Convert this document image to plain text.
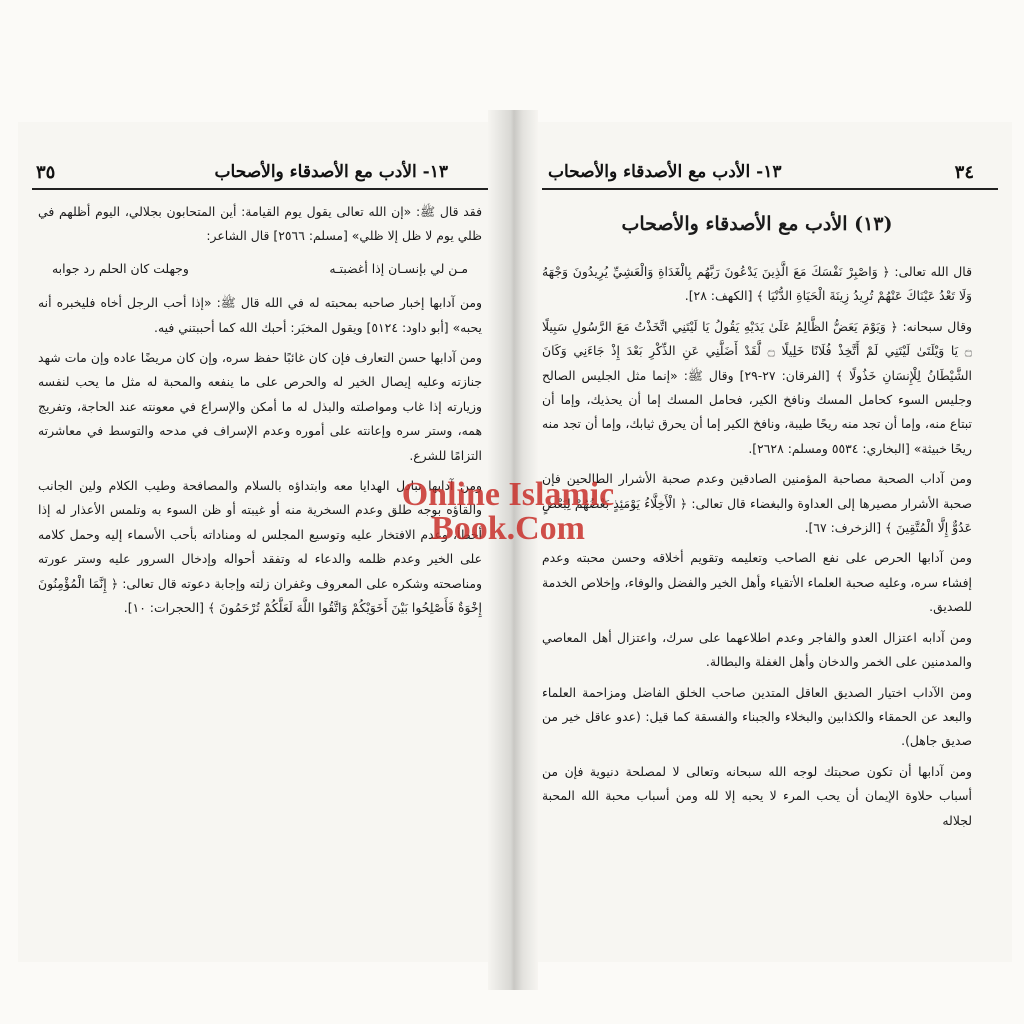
١٣- الأدب مع الأصدقاء والأصحاب
٣٥

فقد قال ﷺ: «إن الله تعالى يقول يوم القيامة: أين المتحابون بجلالي، اليوم أظلهم في ظلي يوم لا ظل إلا ظلي» [مسلم: ٢٥٦٦] قال الشاعر:

مـن لي بإنسـان إذا أغضبتـه
وجهلت كان الحلم رد جوابه

ومن آدابها إخبار صاحبه بمحبته له في الله قال ﷺ: «إذا أحب الرجل أخاه فليخبره أنه يحبه» [أبو داود: ٥١٢٤] ويقول المخبَر: أحبك الله كما أحببتني فيه.

ومن آدابها حسن التعارف فإن كان غائبًا حفظ سره، وإن كان مريضًا عاده وإن مات شهد جنازته وعليه إيصال الخير له والحرص على ما ينفعه والمحبة له مثل ما يحب لنفسه وزيارته إذا غاب ومواصلته والبذل له ما أمكن والإسراع في معونته عند الحاجة، وتفريج همه، وستر سره وإعانته على أموره وعدم الإسراف في مدحه والتوسط في معاشرته التزامًا للشرع.

ومن آدابها تبادل الهدايا معه وابتداؤه بالسلام والمصافحة وطيب الكلام ولين الجانب والقاؤه بوجه طلق وعدم السخرية منه أو غيبته أو ظن السوء به وتلمس الأعذار له إذا أخطأ، وعدم الافتخار عليه وتوسيع المجلس له ومناداته بأحب الأسماء إليه وحمل كلامه على الخير وعدم ظلمه والدعاء له وتفقد أحواله وإدخال السرور عليه وستر عورته ومناصحته وشكره على المعروف وغفران زلته وإجابة دعوته قال تعالى: ﴿ إِنَّمَا الْمُؤْمِنُونَ إِخْوَةٌ فَأَصْلِحُوا بَيْنَ أَخَوَيْكُمْ وَاتَّقُوا اللَّهَ لَعَلَّكُمْ تُرْحَمُونَ ﴾ [الحجرات: ١٠].

١٣- الأدب مع الأصدقاء والأصحاب	٣٤
(١٣) الأدب مع الأصدقاء والأصحاب

قال الله تعالى: ﴿ وَاصْبِرْ نَفْسَكَ مَعَ الَّذِينَ يَدْعُونَ رَبَّهُم بِالْغَدَاةِ وَالْعَشِيِّ يُرِيدُونَ وَجْهَهُ وَلَا تَعْدُ عَيْنَاكَ عَنْهُمْ تُرِيدُ زِينَةَ الْحَيَاةِ الدُّنْيَا ﴾ [الكهف: ٢٨].

وقال سبحانه: ﴿ وَيَوْمَ يَعَضُّ الظَّالِمُ عَلَىٰ يَدَيْهِ يَقُولُ يَا لَيْتَنِي اتَّخَذْتُ مَعَ الرَّسُولِ سَبِيلًا ۝ يَا وَيْلَتَىٰ لَيْتَنِي لَمْ أَتَّخِذْ فُلَانًا خَلِيلًا ۝ لَّقَدْ أَضَلَّنِي عَنِ الذِّكْرِ بَعْدَ إِذْ جَاءَنِي وَكَانَ الشَّيْطَانُ لِلْإِنسَانِ خَذُولًا ﴾ [الفرقان: ٢٧-٢٩] وقال ﷺ: «إنما مثل الجليس الصالح وجليس السوء كحامل المسك ونافخ الكير، فحامل المسك إما أن يحذيك، وإما أن تبتاع منه، وإما أن تجد منه ريحًا طيبة، ونافخ الكير إما أن يحرق ثيابك، وإما أن تجد منه ريحًا خبيثة» [البخاري: ٥٥٣٤ ومسلم: ٢٦٢٨].

ومن آداب الصحبة مصاحبة المؤمنين الصادقين وعدم صحبة الأشرار الطالحين فإن صحبة الأشرار مصيرها إلى العداوة والبغضاء قال تعالى: ﴿ الْأَخِلَّاءُ يَوْمَئِذٍ بَعْضُهُمْ لِبَعْضٍ عَدُوٌّ إِلَّا الْمُتَّقِينَ ﴾ [الزخرف: ٦٧].

ومن آدابها الحرص على نفع الصاحب وتعليمه وتقويم أخلاقه وحسن محبته وعدم إفشاء سره، وعليه صحبة العلماء الأتقياء وأهل الخير والفضل والوفاء، وإخلاص الخدمة للصديق.

ومن آدابه اعتزال العدو والفاجر وعدم اطلاعهما على سرك، واعتزال أهل المعاصي والمدمنين على الخمر والدخان وأهل الغفلة والبطالة.

ومن الآداب اختيار الصديق العاقل المتدين صاحب الخلق الفاضل ومزاحمة العلماء والبعد عن الحمقاء والكذابين والبخلاء والجبناء والفسقة كما قيل: (عدو عاقل خير من صديق جاهل).

ومن آدابها أن تكون صحبتك لوجه الله سبحانه وتعالى لا لمصلحة دنيوية فإن من أسباب حلاوة الإيمان أن يحب المرء لا يحبه إلا لله ومن أسباب محبة الله المحبة لجلاله

Online Islamic
Book.Com
